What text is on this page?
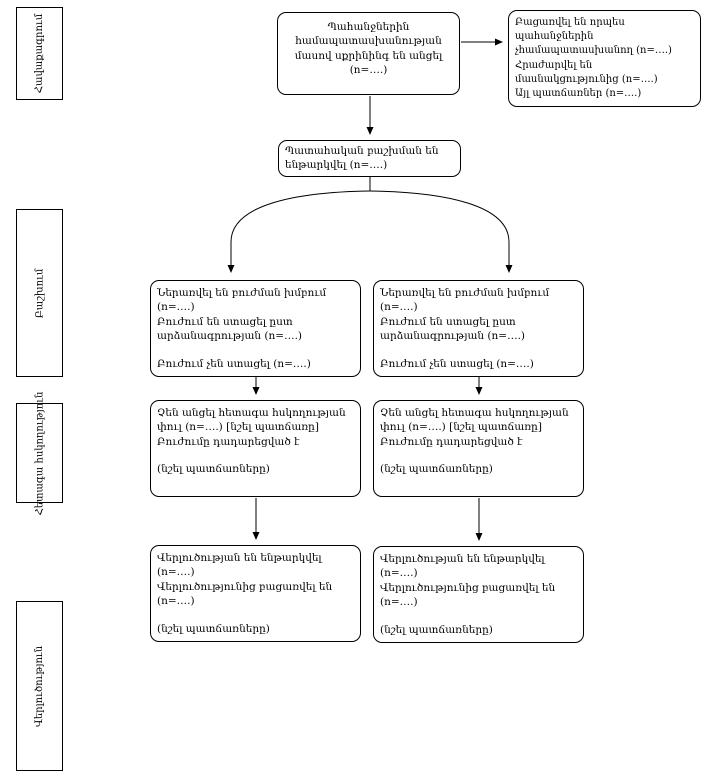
Հավաքագրում
Բաշխում
Հետագա հսկողություն
Վերլուծություն

Պահանջներին համապատասխանության մասով սքրինինգ են անցել (n=….)

Բացառվել են որպես պահանջներին չհամապատասխանող (n=….)

Հրաժարվել են մասնակցությունից (n=….)

Այլ պատճառներ (n=….)

Պատահական բաշխման են ենթարկվել (n=….)

Ներառվել են բուժման խմբում (n=….)

Բուժում են ստացել ըստ արձանագրության (n=….)

Բուժում չեն ստացել (n=….)

Ներառվել են բուժման խմբում (n=….)

Բուժում են ստացել ըստ արձանագրության (n=….)

Բուժում չեն ստացել (n=….)

Չեն անցել հետագա հսկողության փուլ (n=….) [նշել պատճառը]

Բուժումը դադարեցված է

(նշել պատճառները)

Չեն անցել հետագա հսկողության փուլ (n=….) [նշել պատճառը]

Բուժումը դադարեցված է

(նշել պատճառները)

Վերլուծության են ենթարկվել (n=….)

Վերլուծությունից բացառվել են (n=….)

(նշել պատճառները)

Վերլուծության են ենթարկվել (n=….)

Վերլուծությունից բացառվել են (n=….)

(նշել պատճառները)
